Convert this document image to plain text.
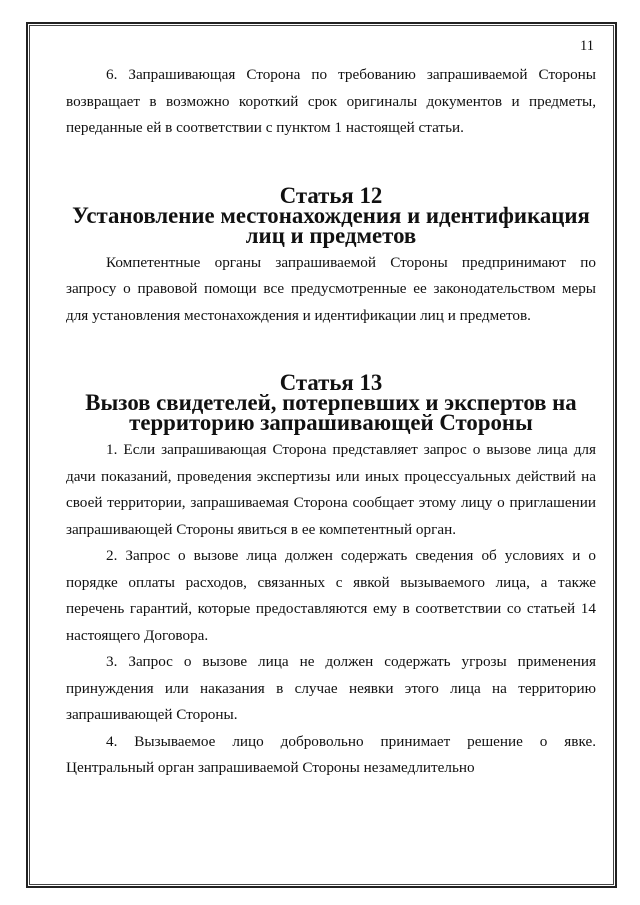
11

6. Запрашивающая Сторона по требованию запрашиваемой Стороны возвращает в возможно короткий срок оригиналы документов и предметы, переданные ей в соответствии с пунктом 1 настоящей статьи.

Статья 12
Установление местонахождения и идентификация лиц и предметов

Компетентные органы запрашиваемой Стороны предпринимают по запросу о правовой помощи все предусмотренные ее законодательством меры для установления местонахождения и идентификации лиц и предметов.

Статья 13
Вызов свидетелей, потерпевших и экспертов на территорию запрашивающей Стороны

1. Если запрашивающая Сторона представляет запрос о вызове лица для дачи показаний, проведения экспертизы или иных процессуальных действий на своей территории, запрашиваемая Сторона сообщает этому лицу о приглашении запрашивающей Стороны явиться в ее компетентный орган.

2. Запрос о вызове лица должен содержать сведения об условиях и о порядке оплаты расходов, связанных с явкой вызываемого лица, а также перечень гарантий, которые предоставляются ему в соответствии со статьей 14 настоящего Договора.

3. Запрос о вызове лица не должен содержать угрозы применения принуждения или наказания в случае неявки этого лица на территорию запрашивающей Стороны.

4. Вызываемое лицо добровольно принимает решение о явке. Центральный орган запрашиваемой Стороны незамедлительно
